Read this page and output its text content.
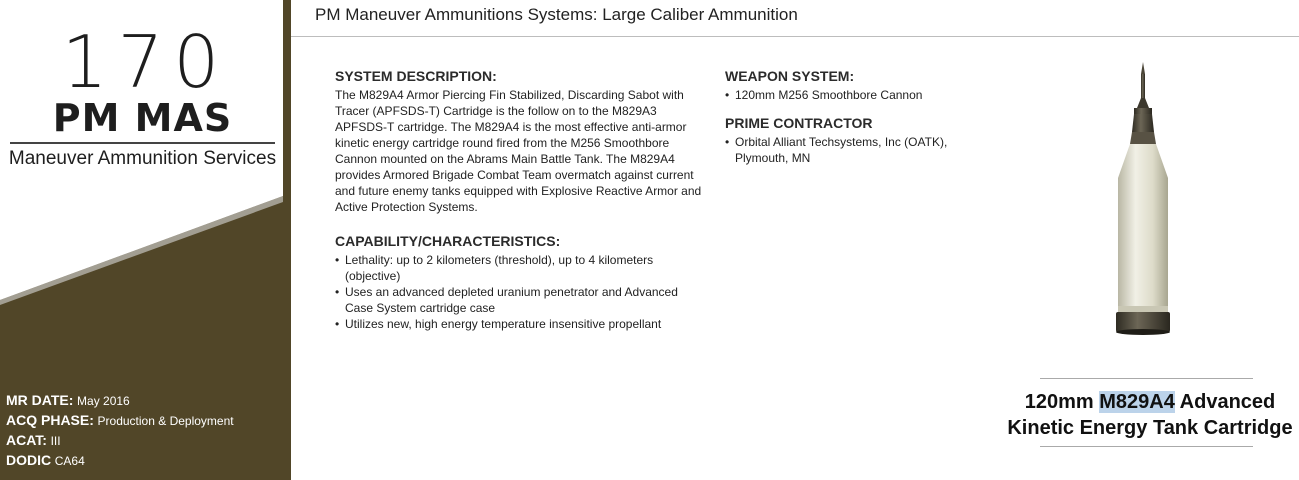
170
PM MAS
Maneuver Ammunition Services
MR DATE: May 2016
ACQ PHASE: Production & Deployment
ACAT: III
DODIC CA64
PM Maneuver Ammunitions Systems: Large Caliber Ammunition
SYSTEM DESCRIPTION:

The M829A4 Armor Piercing Fin Stabilized, Discarding Sabot with Tracer (APFSDS-T) Cartridge is the follow on to the M829A3 APFSDS-T cartridge. The M829A4 is the most effective anti-armor kinetic energy cartridge round fired from the M256 Smoothbore Cannon mounted on the Abrams Main Battle Tank. The M829A4 provides Armored Brigade Combat Team overmatch against current and future enemy tanks equipped with Explosive Reactive Armor and Active Protection Systems.

CAPABILITY/CHARACTERISTICS:
• Lethality: up to 2 kilometers (threshold), up to 4 kilometers (objective)
• Uses an advanced depleted uranium penetrator and Advanced Case System cartridge case
• Utilizes new, high energy temperature insensitive propellant
WEAPON SYSTEM:
• 120mm M256 Smoothbore Cannon
PRIME CONTRACTOR
• Orbital Alliant Techsystems, Inc (OATK), Plymouth, MN
120mm M829A4 Advanced
Kinetic Energy Tank Cartridge
